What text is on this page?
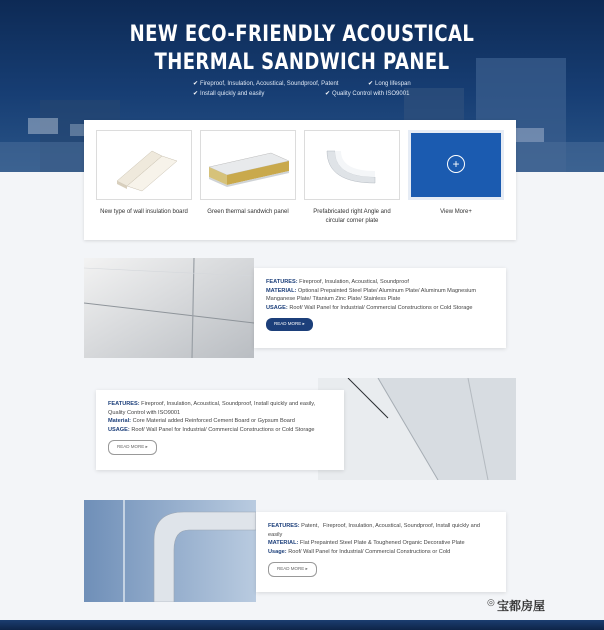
NEW ECO-FRIENDLY ACOUSTICAL
THERMAL SANDWICH PANEL
✔ Fireproof, Insulation, Acoustical, Soundproof, Patent	✔ Long lifespan
✔ Install quickly and easily	✔ Quality Control with ISO9001
New type of wall insulation board	Green thermal sandwich panel	Prefabricated right Angle and circular corner plate
+
View More+
FEATURES: Fireproof, Insulation, Acoustical, Soundproof
MATERIAL: Optional Prepainted Steel Plate/ Aluminum Plate/ Aluminum Magnesium Manganese Plate/ Titanium Zinc Plate/ Stainless Plate
USAGE: Roof/ Wall Panel for Industrial/ Commercial Constructions or Cold Storage
READ MORE ▸
FEATURES: Fireproof, Insulation, Acoustical, Soundproof, Install quickly and easily, Quality Control with ISO9001
Material: Core Material added Reinforced Cement Board or Gypsum Board
USAGE: Roof/ Wall Panel for Industrial/ Commercial Constructions or Cold Storage
READ MORE ▸
FEATURES: Patent，Fireproof, Insulation, Acoustical, Soundproof, Install quickly and easily
MATERIAL: Flat Prepainted Steel Plate & Toughened Organic Decorative Plate
Usage: Roof/ Wall Panel for Industrial/ Commercial Constructions or Cold
READ MORE ▸
◎ 宝都房屋
